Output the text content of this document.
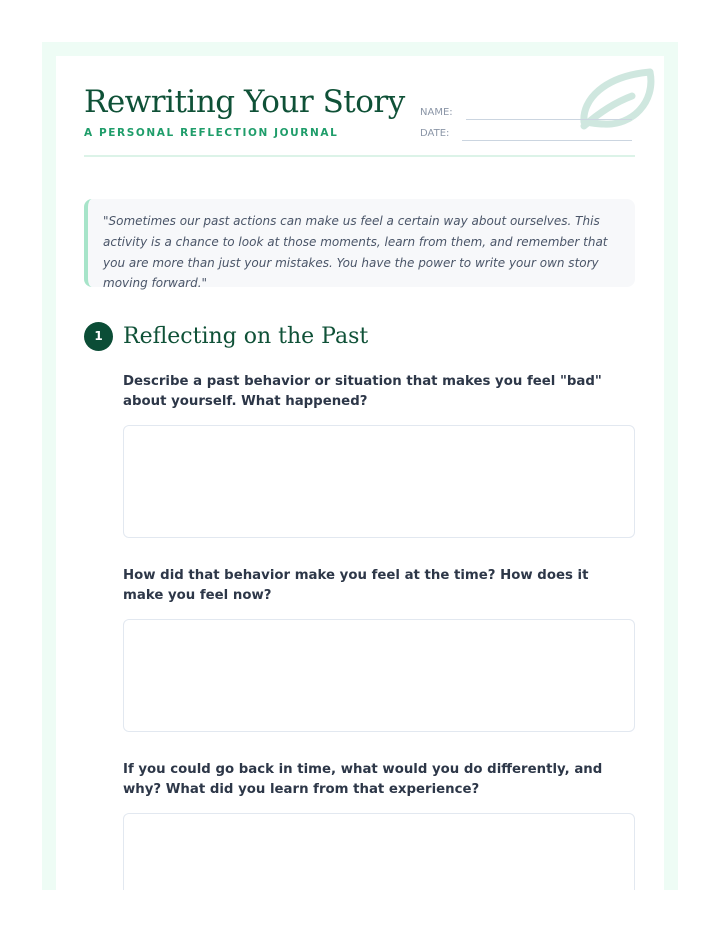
Rewriting Your Story
A PERSONAL REFLECTION JOURNAL
NAME:
DATE:

"Sometimes our past actions can make us feel a certain way about ourselves. This activity is a chance to look at those moments, learn from them, and remember that you are more than just your mistakes. You have the power to write your own story moving forward."

1 Reflecting on the Past

Describe a past behavior or situation that makes you feel "bad" about yourself. What happened?

How did that behavior make you feel at the time? How does it make you feel now?

If you could go back in time, what would you do differently, and why? What did you learn from that experience?
